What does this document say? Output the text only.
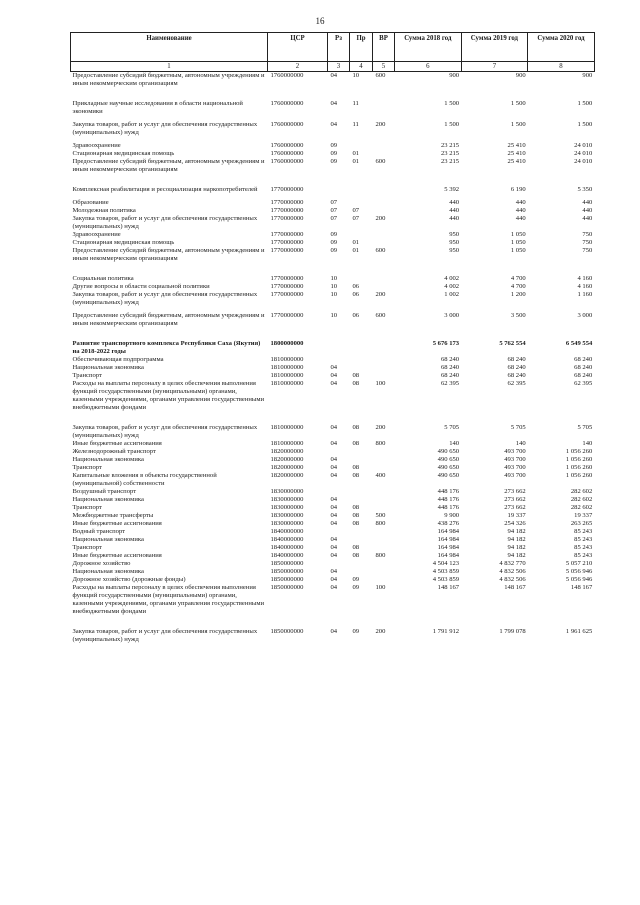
16
Наименование	ЦСР	Рз	Пр	ВР	Сумма 2018 год	Сумма 2019 год	Сумма 2020 год
1	2	3	4	5	6	7	8
Предоставление субсидий бюджетным, автономным учреждениям и иным некоммерческим организациям	1760000000	04	10	600	900	900	900

Прикладные научные исследования в области национальной экономики	1760000000	04	11		1 500	1 500	1 500

Закупка товаров, работ и услуг для обеспечения государственных (муниципальных) нужд	1760000000	04	11	200	1 500	1 500	1 500

Здравоохранение	1760000000	09			23 215	25 410	24 010
Стационарная медицинская помощь	1760000000	09	01		23 215	25 410	24 010
Предоставление субсидий бюджетным, автономным учреждениям и иным некоммерческим организациям	1760000000	09	01	600	23 215	25 410	24 010

Комплексная реабилитация и ресоциализация наркопотребителей	1770000000				5 392	6 190	5 350

Образование	1770000000	07			440	440	440
Молодежная политика	1770000000	07	07		440	440	440
Закупка товаров, работ и услуг для обеспечения государственных (муниципальных) нужд	1770000000	07	07	200	440	440	440
Здравоохранение	1770000000	09			950	1 050	750
Стационарная медицинская помощь	1770000000	09	01		950	1 050	750
Предоставление субсидий бюджетным, автономным учреждениям и иным некоммерческим организациям	1770000000	09	01	600	950	1 050	750

Социальная политика	1770000000	10			4 002	4 700	4 160
Другие вопросы в области социальной политики	1770000000	10	06		4 002	4 700	4 160
Закупка товаров, работ и услуг для обеспечения государственных (муниципальных) нужд	1770000000	10	06	200	1 002	1 200	1 160

Предоставление субсидий бюджетным, автономным учреждениям и иным некоммерческим организациям	1770000000	10	06	600	3 000	3 500	3 000

Развитие транспортного комплекса Республики Саха (Якутия) на 2018-2022 годы	1800000000				5 676 173	5 762 554	6 549 554
Обеспечивающая подпрограмма	1810000000				68 240	68 240	68 240
Национальная экономика	1810000000	04			68 240	68 240	68 240
Транспорт	1810000000	04	08		68 240	68 240	68 240
Расходы на выплаты персоналу в целях обеспечения выполнения функций государственными (муниципальными) органами, казенными учреждениями, органами управления государственными внебюджетными фондами	1810000000	04	08	100	62 395	62 395	62 395

Закупка товаров, работ и услуг для обеспечения государственных (муниципальных) нужд	1810000000	04	08	200	5 705	5 705	5 705
Иные бюджетные ассигнования	1810000000	04	08	800	140	140	140
Железнодорожный транспорт	1820000000				490 650	493 700	1 056 260
Национальная экономика	1820000000	04			490 650	493 700	1 056 260
Транспорт	1820000000	04	08		490 650	493 700	1 056 260
Капитальные вложения в объекты государственной (муниципальной) собственности	1820000000	04	08	400	490 650	493 700	1 056 260
Воздушный транспорт	1830000000				448 176	273 662	282 602
Национальная экономика	1830000000	04			448 176	273 662	282 602
Транспорт	1830000000	04	08		448 176	273 662	282 602
Межбюджетные трансферты	1830000000	04	08	500	9 900	19 337	19 337
Иные бюджетные ассигнования	1830000000	04	08	800	438 276	254 326	263 265
Водный транспорт	1840000000				164 984	94 182	85 243
Национальная экономика	1840000000	04			164 984	94 182	85 243
Транспорт	1840000000	04	08		164 984	94 182	85 243
Иные бюджетные ассигнования	1840000000	04	08	800	164 984	94 182	85 243
Дорожное хозяйство	1850000000				4 504 123	4 832 770	5 057 210
Национальная экономика	1850000000	04			4 503 859	4 832 506	5 056 946
Дорожное хозяйство (дорожные фонды)	1850000000	04	09		4 503 859	4 832 506	5 056 946
Расходы на выплаты персоналу в целях обеспечения выполнения функций государственными (муниципальными) органами, казенными учреждениями, органами управления государственными внебюджетными фондами	1850000000	04	09	100	148 167	148 167	148 167

Закупка товаров, работ и услуг для обеспечения государственных (муниципальных) нужд	1850000000	04	09	200	1 791 912	1 799 078	1 961 625
